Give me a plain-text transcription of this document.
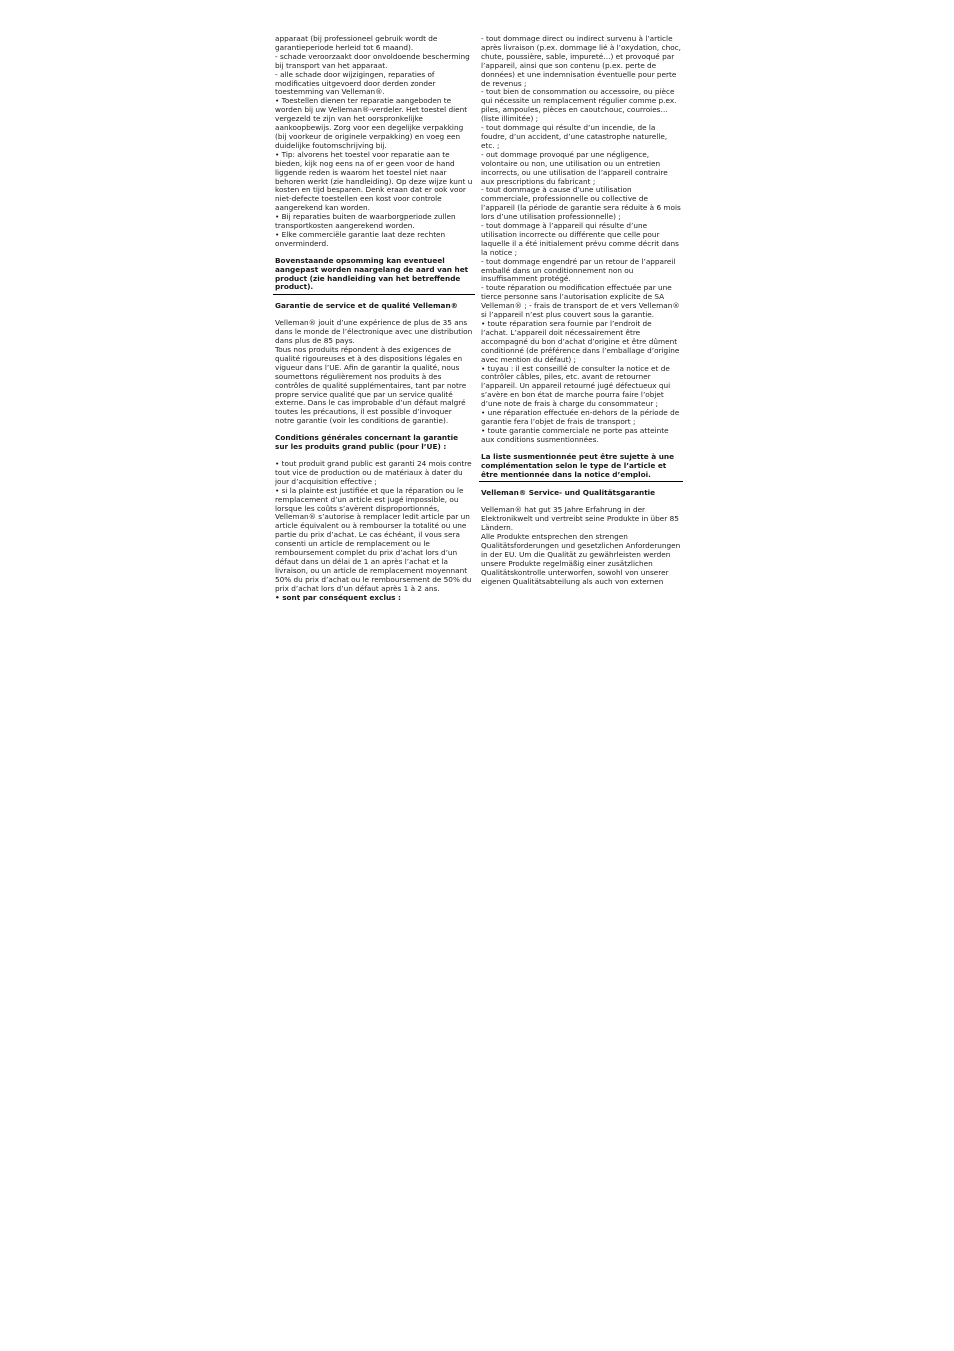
apparaat (bij professioneel gebruik wordt de garantieperiode herleid tot 6 maand).
- schade veroorzaakt door onvoldoende bescherming bij transport van het apparaat.
- alle schade door wijzigingen, reparaties of modificaties uitgevoerd door derden zonder toestemming van Velleman®.
• Toestellen dienen ter reparatie aangeboden te worden bij uw Velleman®-verdeler. Het toestel dient vergezeld te zijn van het oorspronkelijke aankoopbewijs. Zorg voor een degelijke verpakking (bij voorkeur de originele verpakking) en voeg een duidelijke foutomschrijving bij.
• Tip: alvorens het toestel voor reparatie aan te bieden, kijk nog eens na of er geen voor de hand liggende reden is waarom het toestel niet naar behoren werkt (zie handleiding). Op deze wijze kunt u kosten en tijd besparen. Denk eraan dat er ook voor niet-defecte toestellen een kost voor controle aangerekend kan worden.
• Bij reparaties buiten de waarborgperiode zullen transportkosten aangerekend worden.
• Elke commerciële garantie laat deze rechten onverminderd.

Bovenstaande opsomming kan eventueel aangepast worden naargelang de aard van het product (zie handleiding van het betreffende product).

Garantie de service et de qualité Velleman®

Velleman® jouit d’une expérience de plus de 35 ans dans le monde de l’électronique avec une distribution dans plus de 85 pays.
Tous nos produits répondent à des exigences de qualité rigoureuses et à des dispositions légales en vigueur dans l’UE. Afin de garantir la qualité, nous soumettons régulièrement nos produits à des contrôles de qualité supplémentaires, tant par notre propre service qualité que par un service qualité externe. Dans le cas improbable d’un défaut malgré toutes les précautions, il est possible d’invoquer notre garantie (voir les conditions de garantie).

Conditions générales concernant la garantie sur les produits grand public (pour l’UE) :

• tout produit grand public est garanti 24 mois contre tout vice de production ou de matériaux à dater du jour d’acquisition effective ;
• si la plainte est justifiée et que la réparation ou le remplacement d’un article est jugé impossible, ou lorsque les coûts s’avèrent disproportionnés, Velleman® s’autorise à remplacer ledit article par un article équivalent ou à rembourser la totalité ou une partie du prix d’achat. Le cas échéant, il vous sera consenti un article de remplacement ou le remboursement complet du prix d’achat lors d’un défaut dans un délai de 1 an après l’achat et la livraison, ou un article de remplacement moyennant 50% du prix d’achat ou le remboursement de 50% du prix d’achat lors d’un défaut après 1 à 2 ans.

• sont par conséquent exclus :

- tout dommage direct ou indirect survenu à l’article après livraison (p.ex. dommage lié à l’oxydation, choc, chute, poussière, sable, impureté…) et provoqué par l’appareil, ainsi que son contenu (p.ex. perte de données) et une indemnisation éventuelle pour perte de revenus ;
- tout bien de consommation ou accessoire, ou pièce qui nécessite un remplacement régulier comme p.ex. piles, ampoules, pièces en caoutchouc, courroies… (liste illimitée) ;
- tout dommage qui résulte d’un incendie, de la foudre, d’un accident, d’une catastrophe naturelle, etc. ;
- out dommage provoqué par une négligence, volontaire ou non, une utilisation ou un entretien incorrects, ou une utilisation de l’appareil contraire aux prescriptions du fabricant ;
- tout dommage à cause d’une utilisation commerciale, professionnelle ou collective de l’appareil (la période de garantie sera réduite à 6 mois lors d’une utilisation professionnelle) ;
- tout dommage à l’appareil qui résulte d’une utilisation incorrecte ou différente que celle pour laquelle il a été initialement prévu comme décrit dans la notice ;
- tout dommage engendré par un retour de l’appareil emballé dans un conditionnement non ou insuffisamment protégé.
- toute réparation ou modification effectuée par une tierce personne sans l’autorisation explicite de SA Velleman® ; - frais de transport de et vers Velleman® si l’appareil n’est plus couvert sous la garantie.
• toute réparation sera fournie par l’endroit de l’achat. L’appareil doit nécessairement être accompagné du bon d’achat d’origine et être dûment conditionné (de préférence dans l’emballage d’origine avec mention du défaut) ;
• tuyau : il est conseillé de consulter la notice et de contrôler câbles, piles, etc. avant de retourner l’appareil. Un appareil retourné jugé défectueux qui s’avère en bon état de marche pourra faire l’objet d’une note de frais à charge du consommateur ;
• une réparation effectuée en-dehors de la période de garantie fera l’objet de frais de transport ;
• toute garantie commerciale ne porte pas atteinte aux conditions susmentionnées.

La liste susmentionnée peut être sujette à une complémentation selon le type de l’article et être mentionnée dans la notice d’emploi.

Velleman® Service- und Qualitätsgarantie

Velleman® hat gut 35 Jahre Erfahrung in der Elektronikwelt und vertreibt seine Produkte in über 85 Ländern.
Alle Produkte entsprechen den strengen Qualitätsforderungen und gesetzlichen Anforderungen in der EU. Um die Qualität zu gewährleisten werden unsere Produkte regelmäßig einer zusätzlichen Qualitätskontrolle unterworfen, sowohl von unserer eigenen Qualitätsabteilung als auch von externen
